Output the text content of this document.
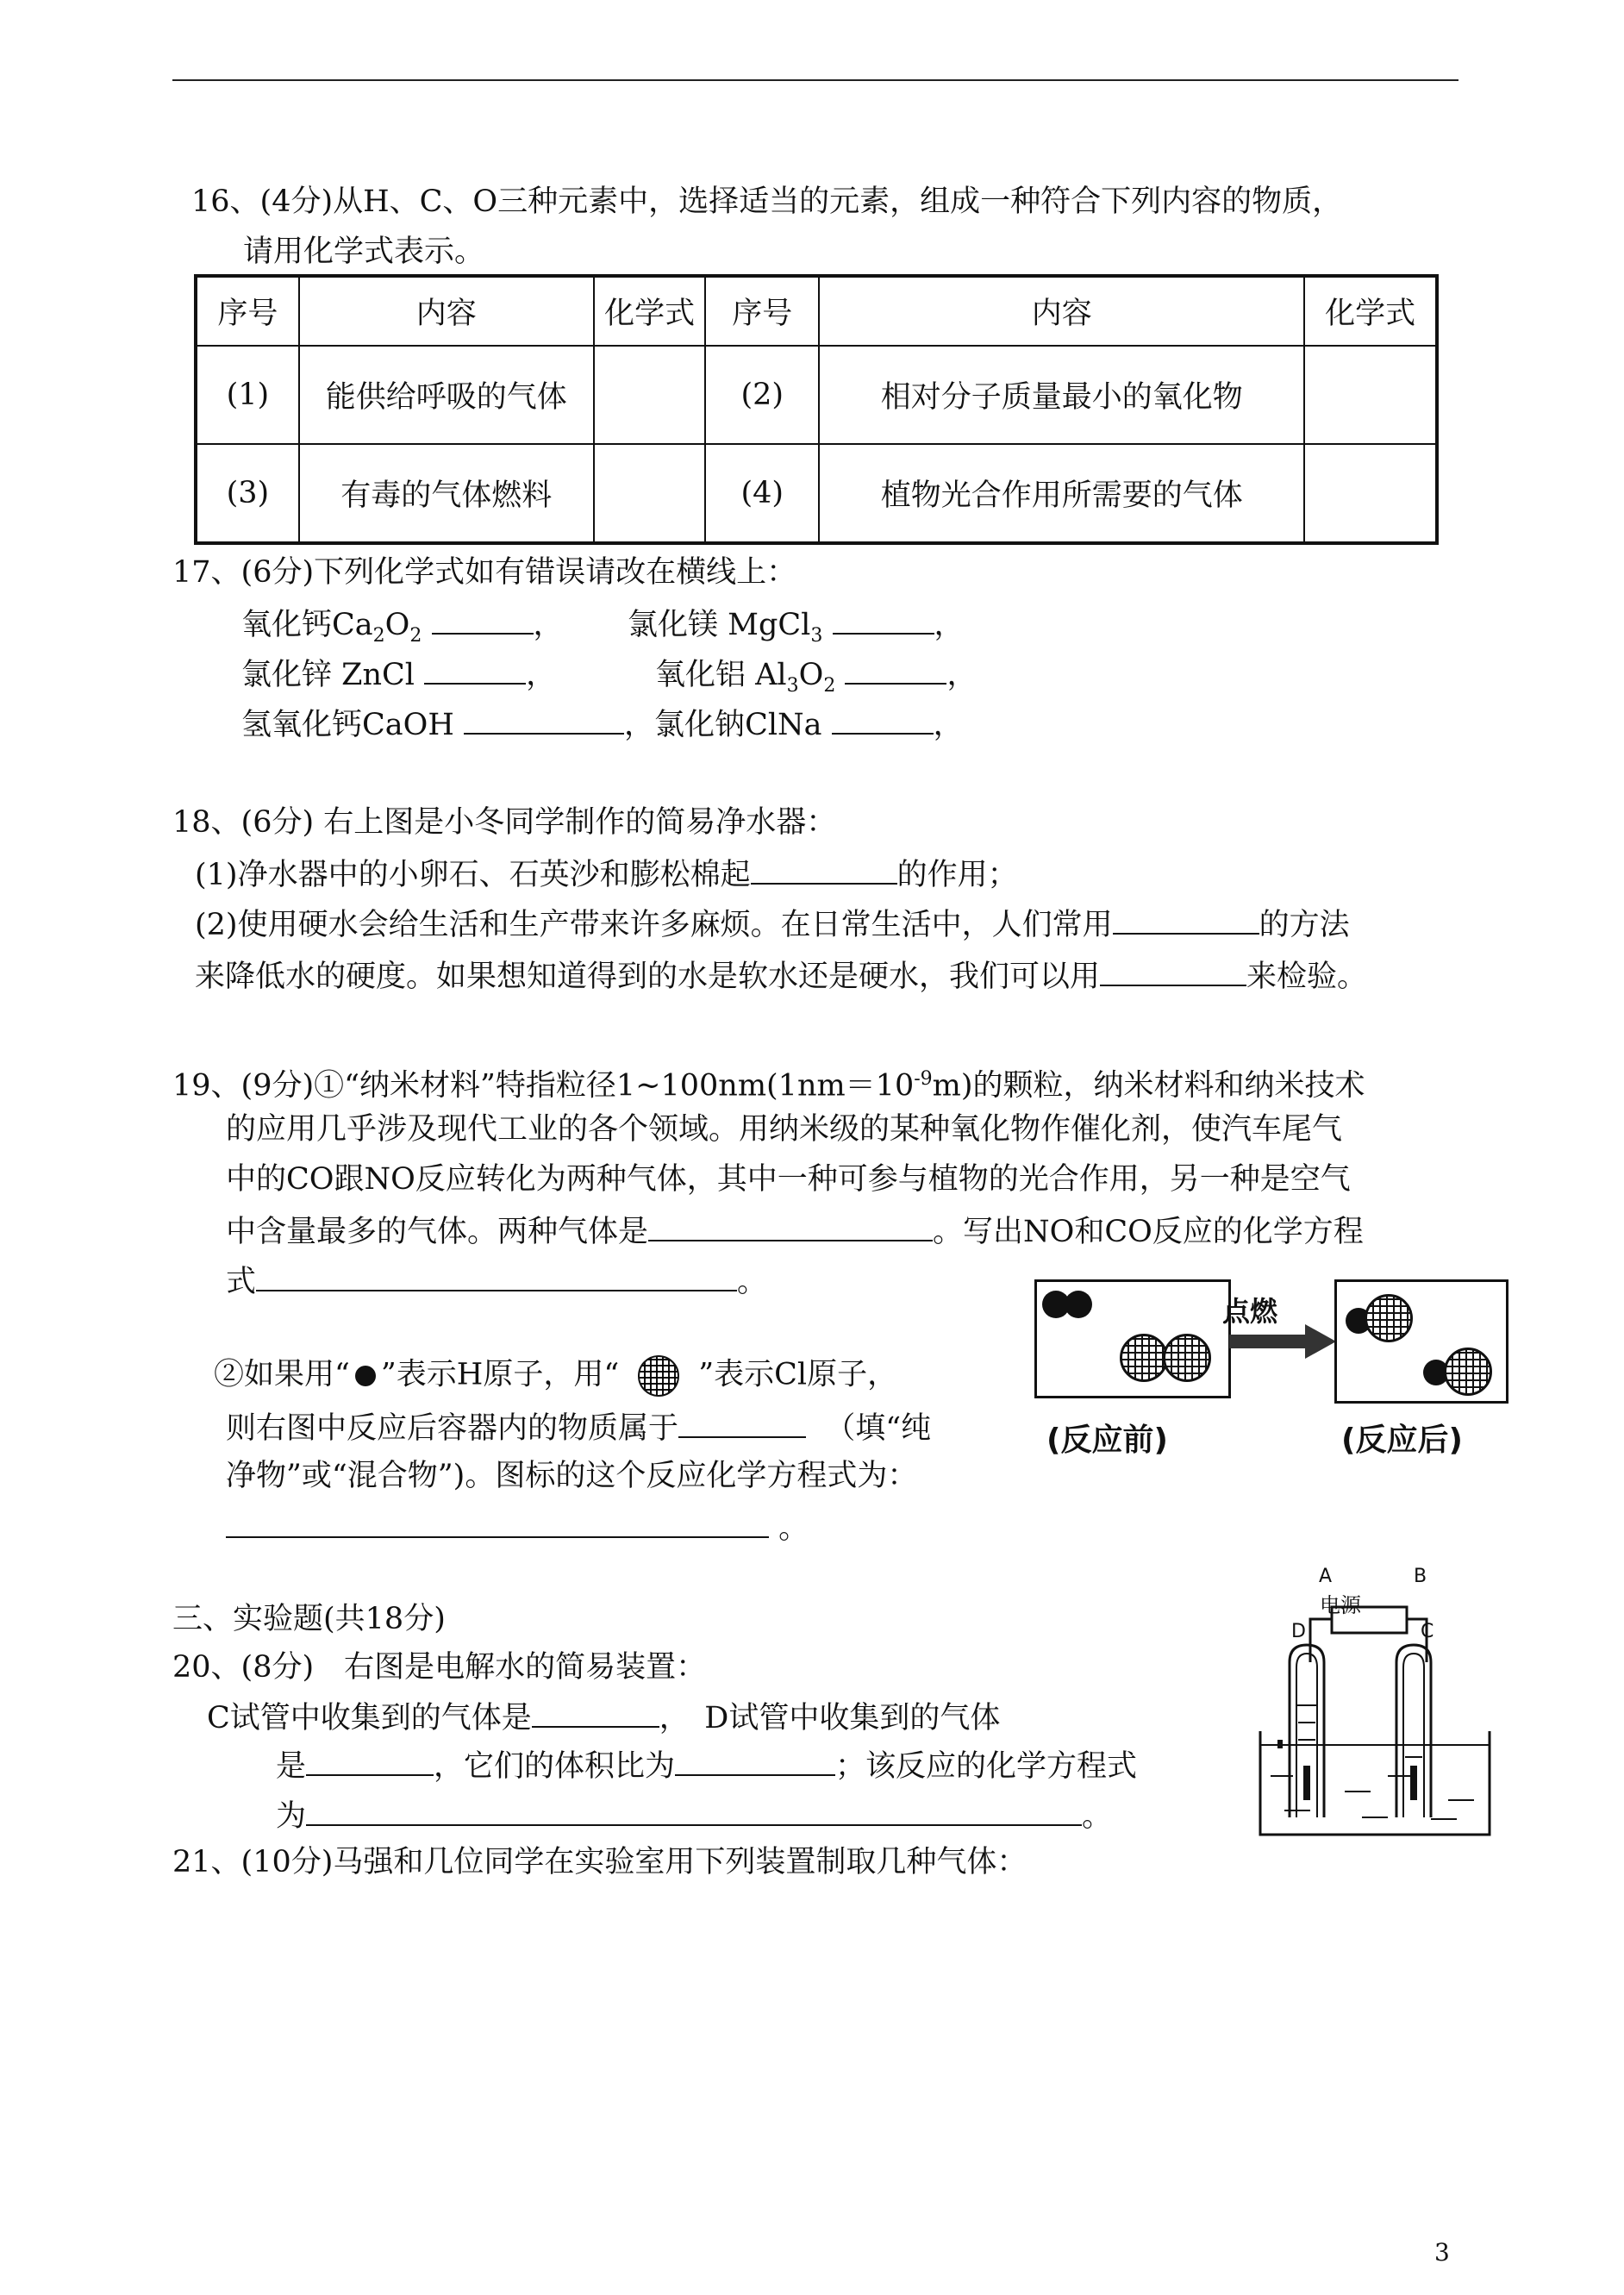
16、(4分)从H、C、O三种元素中，选择适当的元素，组成一种符合下列内容的物质，
请用化学式表示。
序号	内容	化学式	序号	内容	化学式
(1)	能供给呼吸的气体		(2)	相对分子质量最小的氧化物	
(3)	有毒的气体燃料		(4)	植物光合作用所需要的气体	
17、(6分)下列化学式如有错误请改在横线上：
氧化钙$Ca_2O_2$	， 氯化镁 MgCl$_3$	，
氯化锌 ZnCl	，	氧化铝 $Al_3O_2$	，
氢氧化钙CaOH	，氯化钠ClNa	，
18、(6分) 右上图是小冬同学制作的简易净水器：
(1)净水器中的小卵石、石英沙和膨松棉起	的作用；
(2)使用硬水会给生活和生产带来许多麻烦。在日常生活中，人们常用	的方法
来降低水的硬度。如果想知道得到的水是软水还是硬水，我们可以用	来检验。
19、(9分)①“纳米材料”特指粒径$1\sim 100nm(1nm=10^{-9}m)$的颗粒，纳米材料和纳米技术
的应用几乎涉及现代工业的各个领域。用纳米级的某种氧化物作催化剂，使汽车尾气
中的CO跟NO反应转化为两种气体，其中一种可参与植物的光合作用，另一种是空气
中含量最多的气体。两种气体是	。写出NO和CO反应的化学方程
式	。
②如果用“ ”表示H原子，用“	”表示Cl原子，
则右图中反应后容器内的物质属于	（填“纯
净物”或“混合物”)。图标的这个反应化学方程式为：
。
点燃
(反应前)	(反应后)
三、实验题(共18分)
20、(8分)　右图是电解水的简易装置：
C试管中收集到的气体是	，　D试管中收集到的气体
是	，它们的体积比为	；该反应的化学方程式
为	。
电源
A	B
D	C
21、(10分)马强和几位同学在实验室用下列装置制取几种气体：
3
